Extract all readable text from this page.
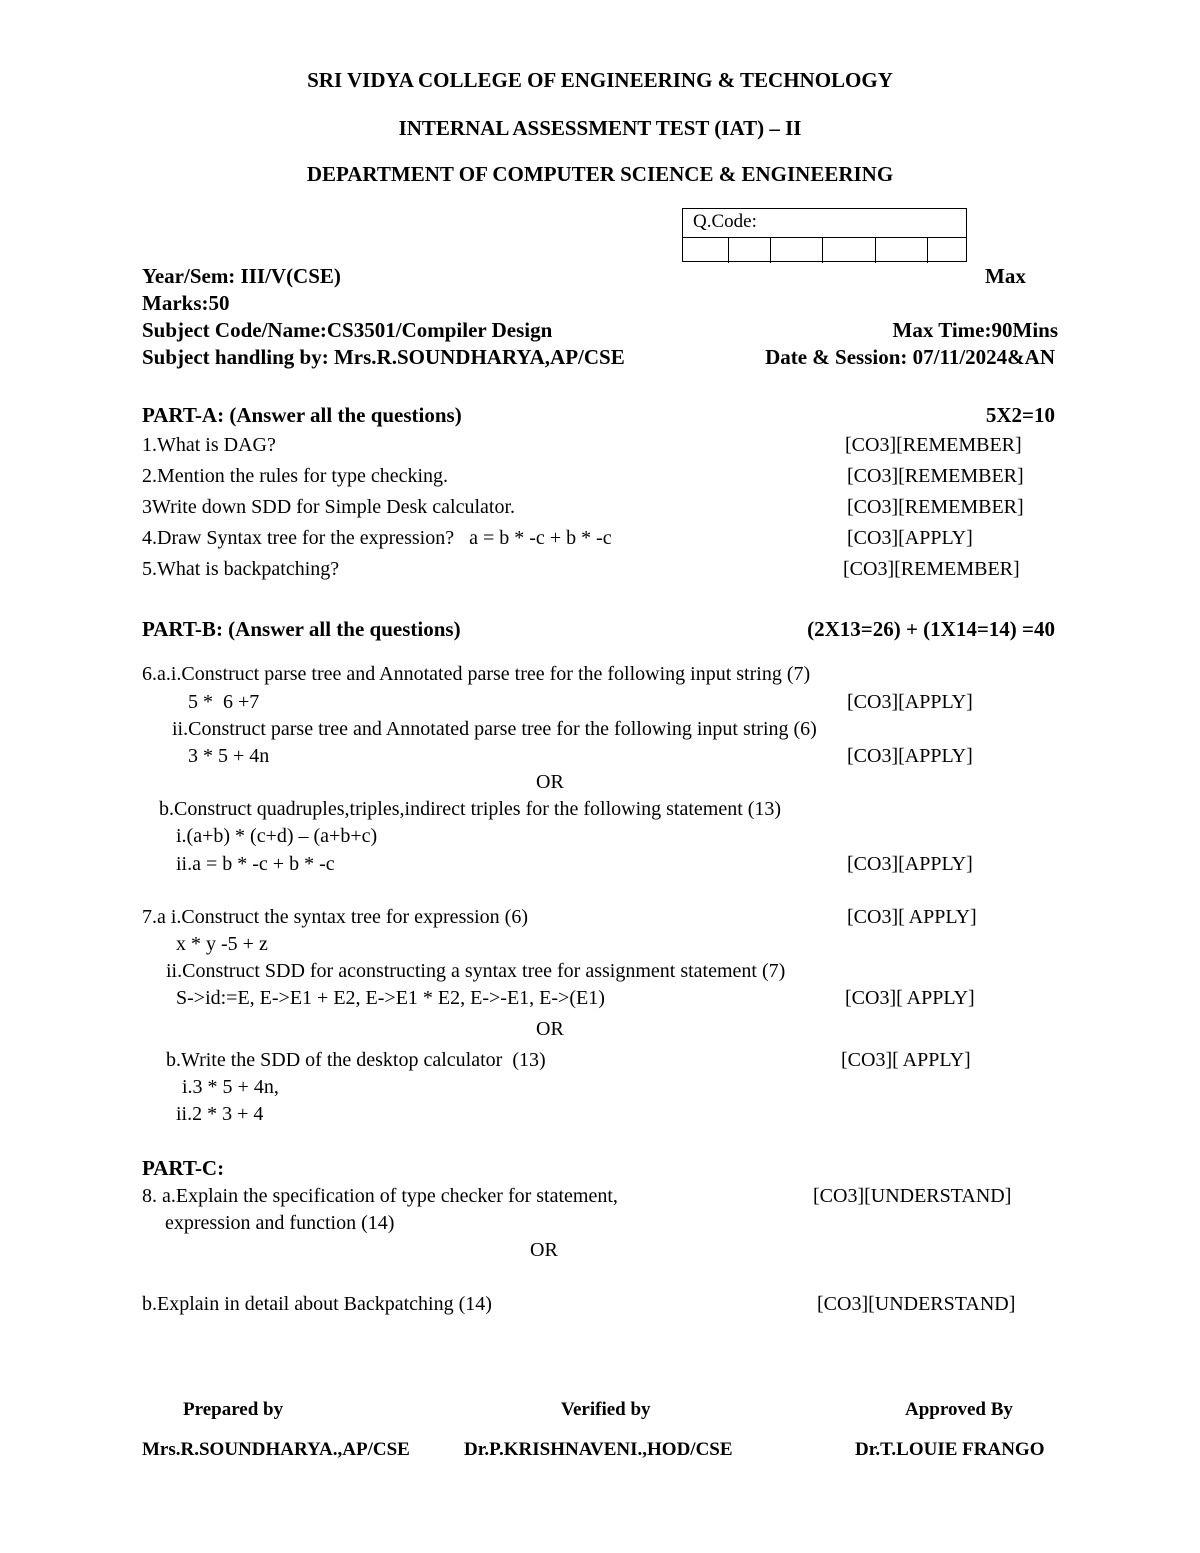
SRI VIDYA COLLEGE OF ENGINEERING & TECHNOLOGY
INTERNAL ASSESSMENT TEST (IAT) – II
DEPARTMENT OF COMPUTER SCIENCE & ENGINEERING
Q.Code:
Year/Sem: III/V(CSE)	Max
Marks:50
Subject Code/Name:CS3501/Compiler Design	Max Time:90Mins
Subject handling by: Mrs.R.SOUNDHARYA,AP/CSE	Date & Session: 07/11/2024&AN
PART-A: (Answer all the questions)	5X2=10
1.What is DAG?	[CO3][REMEMBER]
2.Mention the rules for type checking.	[CO3][REMEMBER]
3Write down SDD for Simple Desk calculator.	[CO3][REMEMBER]
4.Draw Syntax tree for the expression?   a = b * -c + b * -c	[CO3][APPLY]
5.What is backpatching?	[CO3][REMEMBER]
PART-B: (Answer all the questions)	(2X13=26) + (1X14=14) =40
6.a.i.Construct parse tree and Annotated parse tree for the following input string (7)
5 *  6 +7	[CO3][APPLY]
ii.Construct parse tree and Annotated parse tree for the following input string (6)
3 * 5 + 4n	[CO3][APPLY]
OR
b.Construct quadruples,triples,indirect triples for the following statement (13)
i.(a+b) * (c+d) – (a+b+c)
ii.a = b * -c + b * -c	[CO3][APPLY]
7.a i.Construct the syntax tree for expression (6)	[CO3][ APPLY]
x * y -5 + z
ii.Construct SDD for aconstructing a syntax tree for assignment statement (7)
S->id:=E, E->E1 + E2, E->E1 * E2, E->-E1, E->(E1)	[CO3][ APPLY]
OR
b.Write the SDD of the desktop calculator  (13)	[CO3][ APPLY]
i.3 * 5 + 4n,
ii.2 * 3 + 4
PART-C:
8. a.Explain the specification of type checker for statement,	[CO3][UNDERSTAND]
expression and function (14)
OR
b.Explain in detail about Backpatching (14)	[CO3][UNDERSTAND]
Prepared by	Verified by	Approved By
Mrs.R.SOUNDHARYA.,AP/CSE	Dr.P.KRISHNAVENI.,HOD/CSE	Dr.T.LOUIE FRANGO
